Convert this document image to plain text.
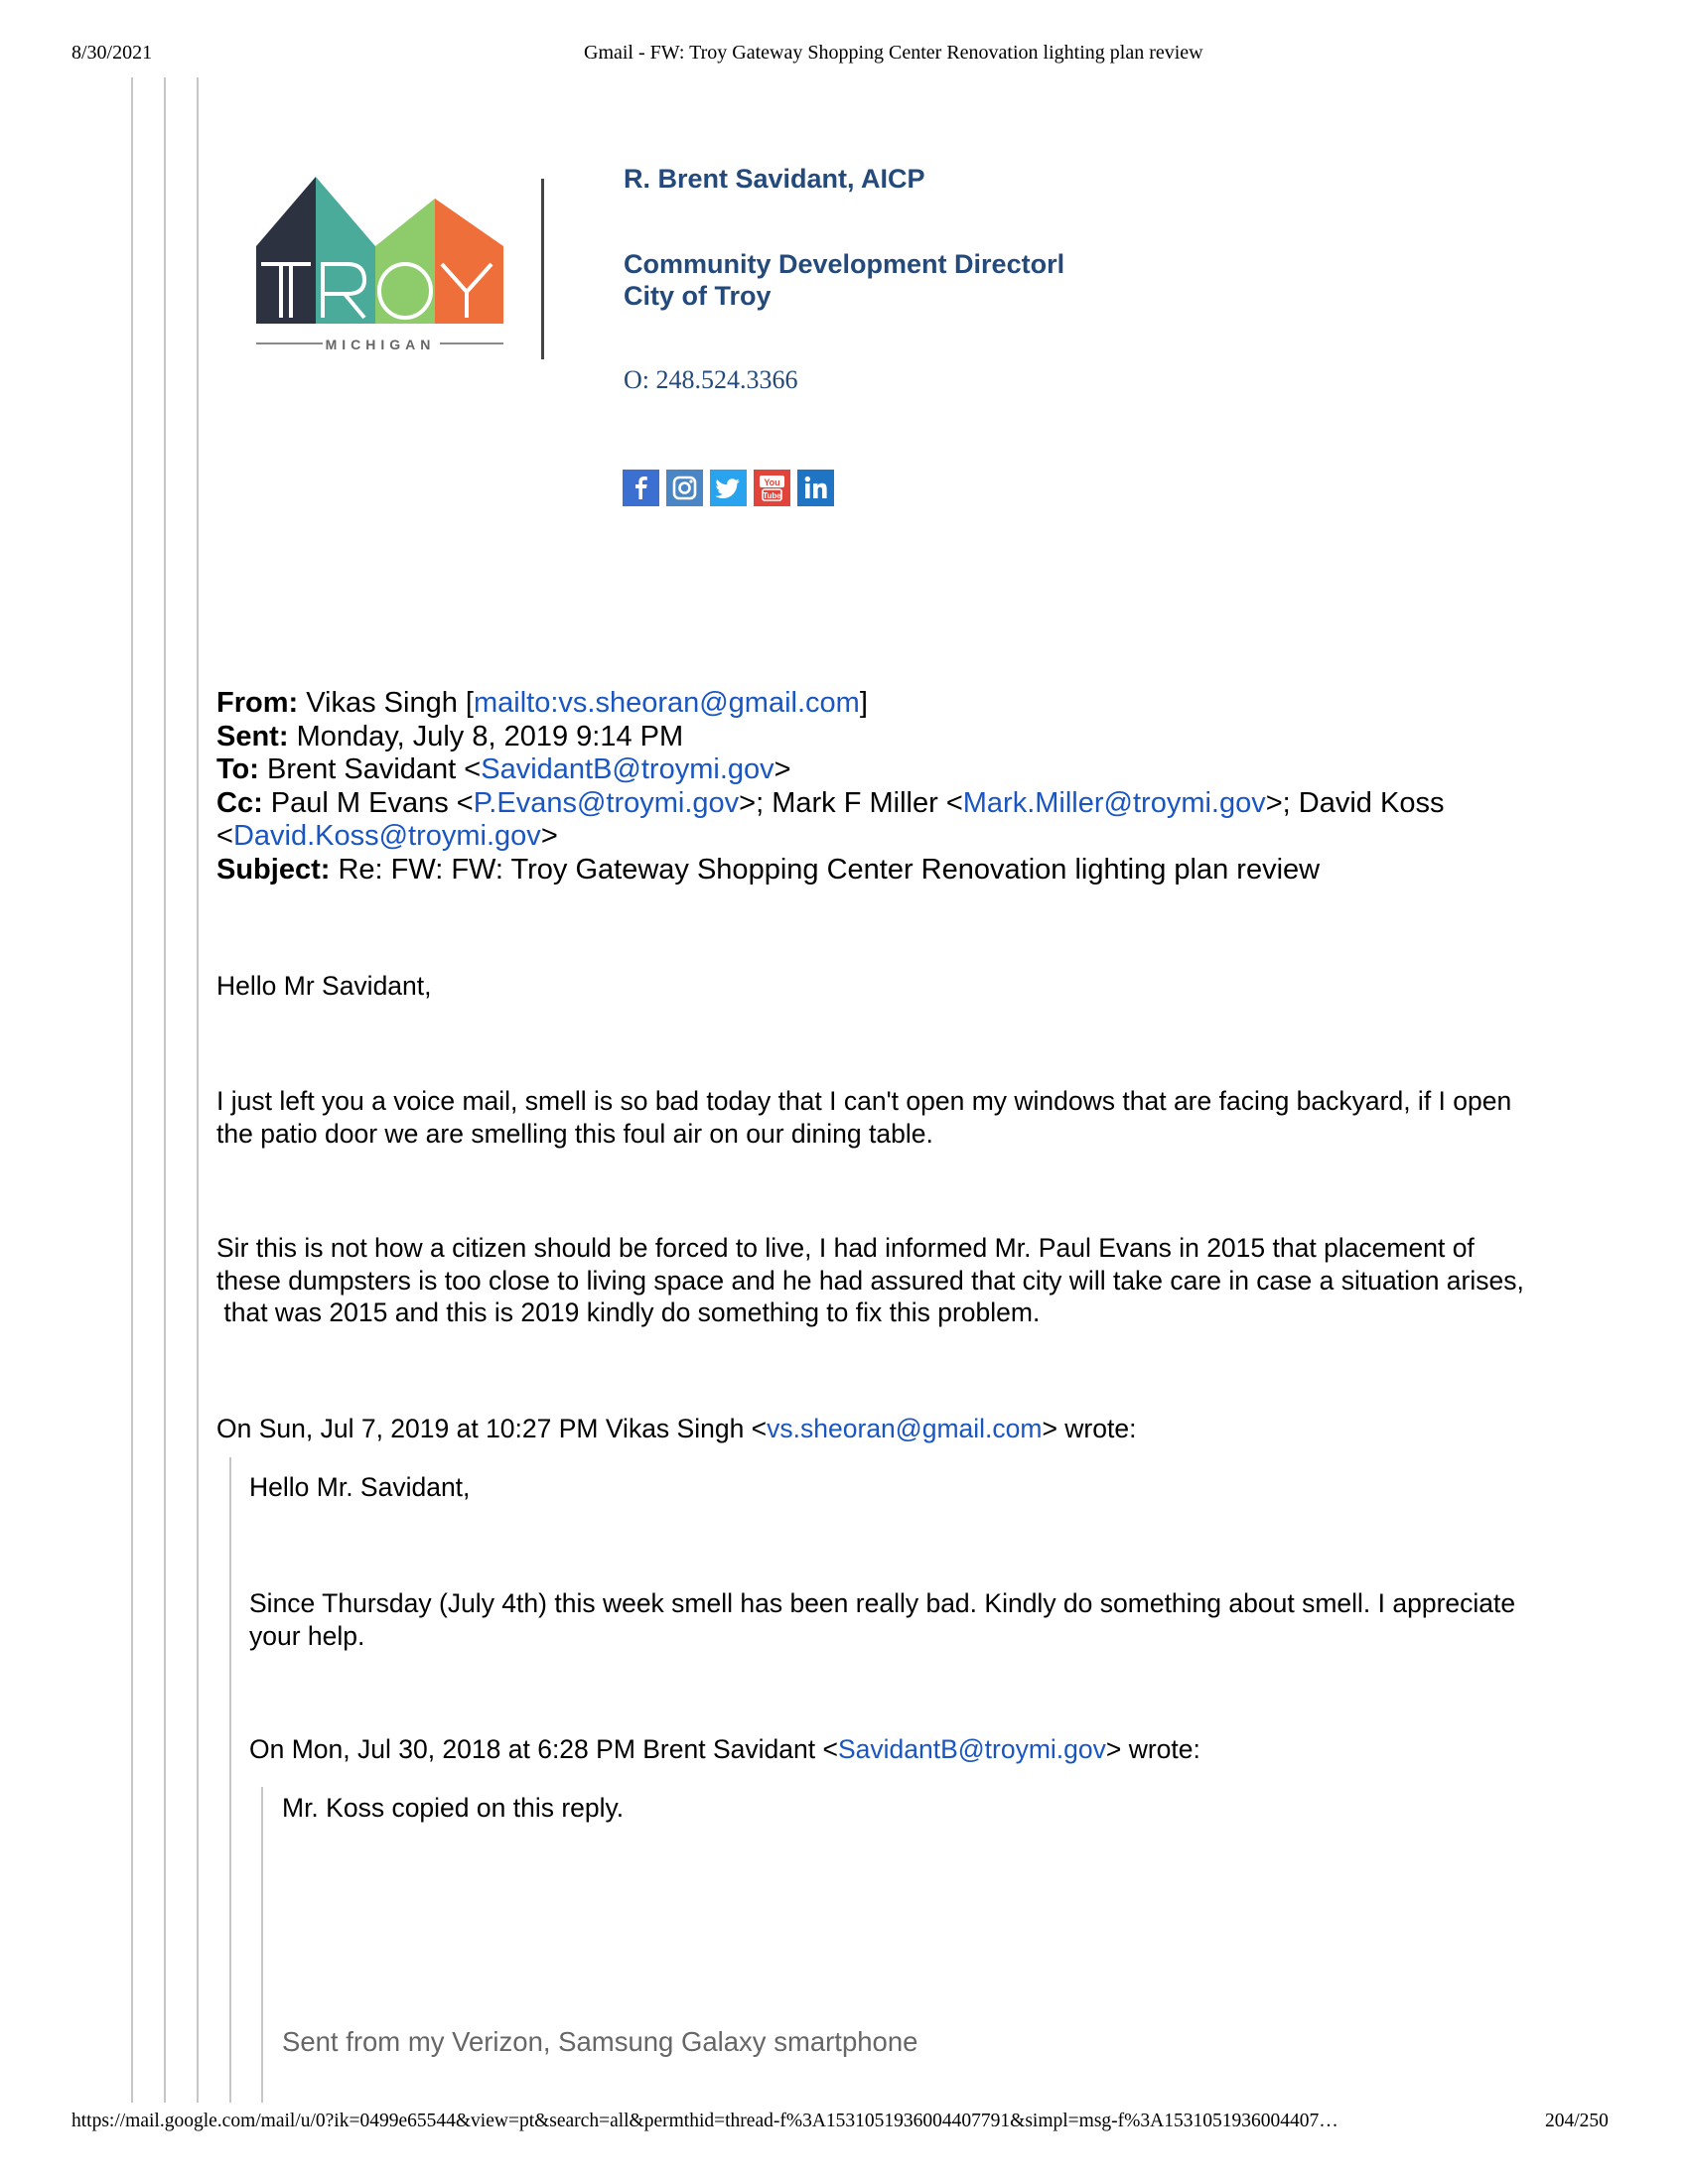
8/30/2021	Gmail - FW: Troy Gateway Shopping Center Renovation lighting plan review
MICHIGAN
R. Brent Savidant, AICP
Community Development Directorl
City of Troy
O: 248.524.3366
You
Tube
From: Vikas Singh [mailto:vs.sheoran@gmail.com]
Sent: Monday, July 8, 2019 9:14 PM
To: Brent Savidant <SavidantB@troymi.gov>
Cc: Paul M Evans <P.Evans@troymi.gov>; Mark F Miller <Mark.Miller@troymi.gov>; David Koss
<David.Koss@troymi.gov>
Subject: Re: FW: FW: Troy Gateway Shopping Center Renovation lighting plan review
Hello Mr Savidant,
I just left you a voice mail, smell is so bad today that I can't open my windows that are facing backyard, if I open
the patio door we are smelling this foul air on our dining table.
Sir this is not how a citizen should be forced to live, I had informed Mr. Paul Evans in 2015 that placement of
these dumpsters is too close to living space and he had assured that city will take care in case a situation arises,
that was 2015 and this is 2019 kindly do something to fix this problem.
On Sun, Jul 7, 2019 at 10:27 PM Vikas Singh <vs.sheoran@gmail.com> wrote:
Hello Mr. Savidant,
Since Thursday (July 4th) this week smell has been really bad. Kindly do something about smell. I appreciate
your help.
On Mon, Jul 30, 2018 at 6:28 PM Brent Savidant <SavidantB@troymi.gov> wrote:
Mr. Koss copied on this reply.
Sent from my Verizon, Samsung Galaxy smartphone
https://mail.google.com/mail/u/0?ik=0499e65544&view=pt&search=all&permthid=thread-f%3A1531051936004407791&simpl=msg-f%3A1531051936004407…	204/250
